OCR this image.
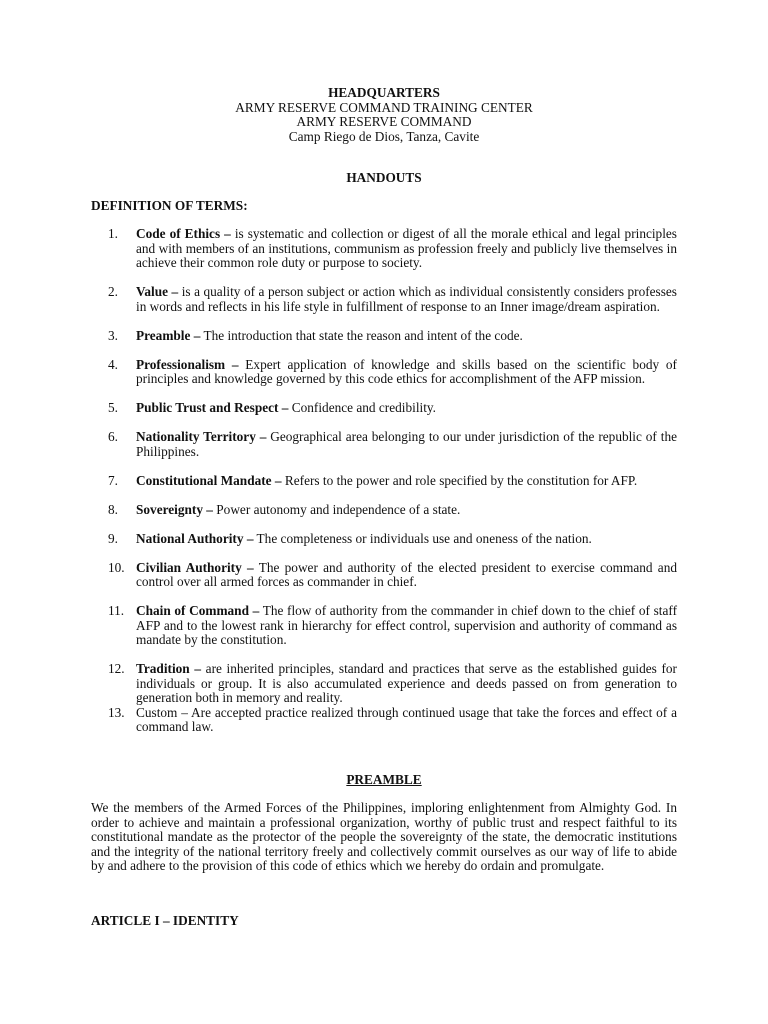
HEADQUARTERS
ARMY RESERVE COMMAND TRAINING CENTER
ARMY RESERVE COMMAND
Camp Riego de Dios, Tanza, Cavite
HANDOUTS
DEFINITION OF TERMS:
1. Code of Ethics – is systematic and collection or digest of all the morale ethical and legal principles and with members of an institutions, communism as profession freely and publicly live themselves in achieve their common role duty or purpose to society.
2. Value – is a quality of a person subject or action which as individual consistently considers professes in words and reflects in his life style in fulfillment of response to an Inner image/dream aspiration.
3. Preamble – The introduction that state the reason and intent of the code.
4. Professionalism – Expert application of knowledge and skills based on the scientific body of principles and knowledge governed by this code ethics for accomplishment of the AFP mission.
5. Public Trust and Respect – Confidence and credibility.
6. Nationality Territory – Geographical area belonging to our under jurisdiction of the republic of the Philippines.
7. Constitutional Mandate – Refers to the power and role specified by the constitution for AFP.
8. Sovereignty – Power autonomy and independence of a state.
9. National Authority – The completeness or individuals use and oneness of the nation.
10. Civilian Authority – The power and authority of the elected president to exercise command and control over all armed forces as commander in chief.
11. Chain of Command – The flow of authority from the commander in chief down to the chief of staff AFP and to the lowest rank in hierarchy for effect control, supervision and authority of command as mandate by the constitution.
12. Tradition – are inherited principles, standard and practices that serve as the established guides for individuals or group. It is also accumulated experience and deeds passed on from generation to generation both in memory and reality.
13. Custom – Are accepted practice realized through continued usage that take the forces and effect of a command law.
PREAMBLE

We the members of the Armed Forces of the Philippines, imploring enlightenment from Almighty God. In order to achieve and maintain a professional organization, worthy of public trust and respect faithful to its constitutional mandate as the protector of the people the sovereignty of the state, the democratic institutions and the integrity of the national territory freely and collectively commit ourselves as our way of life to abide by and adhere to the provision of this code of ethics which we hereby do ordain and promulgate.

ARTICLE I – IDENTITY
